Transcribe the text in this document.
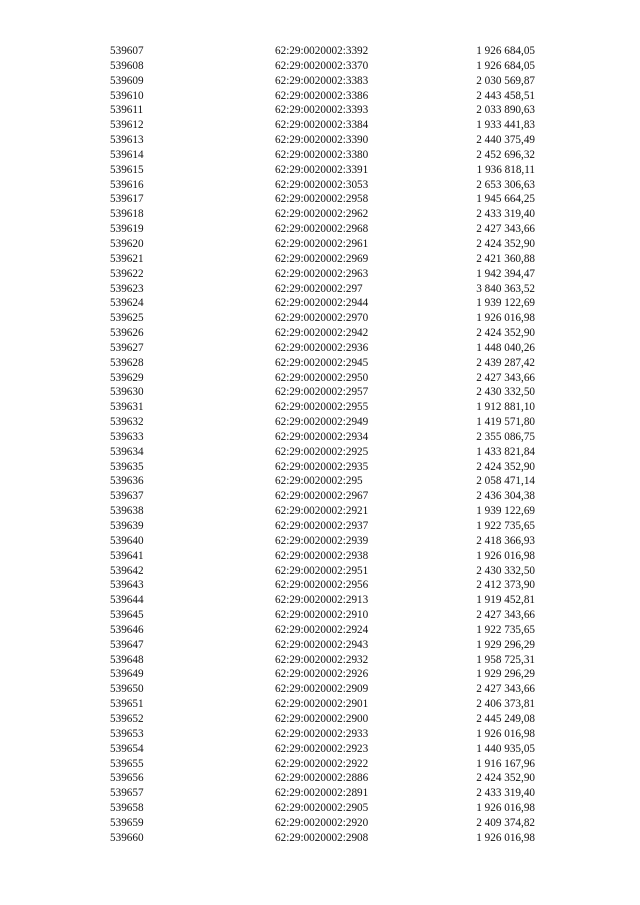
539607	62:29:0020002:3392	1 926 684,05
539608	62:29:0020002:3370	1 926 684,05
539609	62:29:0020002:3383	2 030 569,87
539610	62:29:0020002:3386	2 443 458,51
539611	62:29:0020002:3393	2 033 890,63
539612	62:29:0020002:3384	1 933 441,83
539613	62:29:0020002:3390	2 440 375,49
539614	62:29:0020002:3380	2 452 696,32
539615	62:29:0020002:3391	1 936 818,11
539616	62:29:0020002:3053	2 653 306,63
539617	62:29:0020002:2958	1 945 664,25
539618	62:29:0020002:2962	2 433 319,40
539619	62:29:0020002:2968	2 427 343,66
539620	62:29:0020002:2961	2 424 352,90
539621	62:29:0020002:2969	2 421 360,88
539622	62:29:0020002:2963	1 942 394,47
539623	62:29:0020002:297	3 840 363,52
539624	62:29:0020002:2944	1 939 122,69
539625	62:29:0020002:2970	1 926 016,98
539626	62:29:0020002:2942	2 424 352,90
539627	62:29:0020002:2936	1 448 040,26
539628	62:29:0020002:2945	2 439 287,42
539629	62:29:0020002:2950	2 427 343,66
539630	62:29:0020002:2957	2 430 332,50
539631	62:29:0020002:2955	1 912 881,10
539632	62:29:0020002:2949	1 419 571,80
539633	62:29:0020002:2934	2 355 086,75
539634	62:29:0020002:2925	1 433 821,84
539635	62:29:0020002:2935	2 424 352,90
539636	62:29:0020002:295	2 058 471,14
539637	62:29:0020002:2967	2 436 304,38
539638	62:29:0020002:2921	1 939 122,69
539639	62:29:0020002:2937	1 922 735,65
539640	62:29:0020002:2939	2 418 366,93
539641	62:29:0020002:2938	1 926 016,98
539642	62:29:0020002:2951	2 430 332,50
539643	62:29:0020002:2956	2 412 373,90
539644	62:29:0020002:2913	1 919 452,81
539645	62:29:0020002:2910	2 427 343,66
539646	62:29:0020002:2924	1 922 735,65
539647	62:29:0020002:2943	1 929 296,29
539648	62:29:0020002:2932	1 958 725,31
539649	62:29:0020002:2926	1 929 296,29
539650	62:29:0020002:2909	2 427 343,66
539651	62:29:0020002:2901	2 406 373,81
539652	62:29:0020002:2900	2 445 249,08
539653	62:29:0020002:2933	1 926 016,98
539654	62:29:0020002:2923	1 440 935,05
539655	62:29:0020002:2922	1 916 167,96
539656	62:29:0020002:2886	2 424 352,90
539657	62:29:0020002:2891	2 433 319,40
539658	62:29:0020002:2905	1 926 016,98
539659	62:29:0020002:2920	2 409 374,82
539660	62:29:0020002:2908	1 926 016,98
